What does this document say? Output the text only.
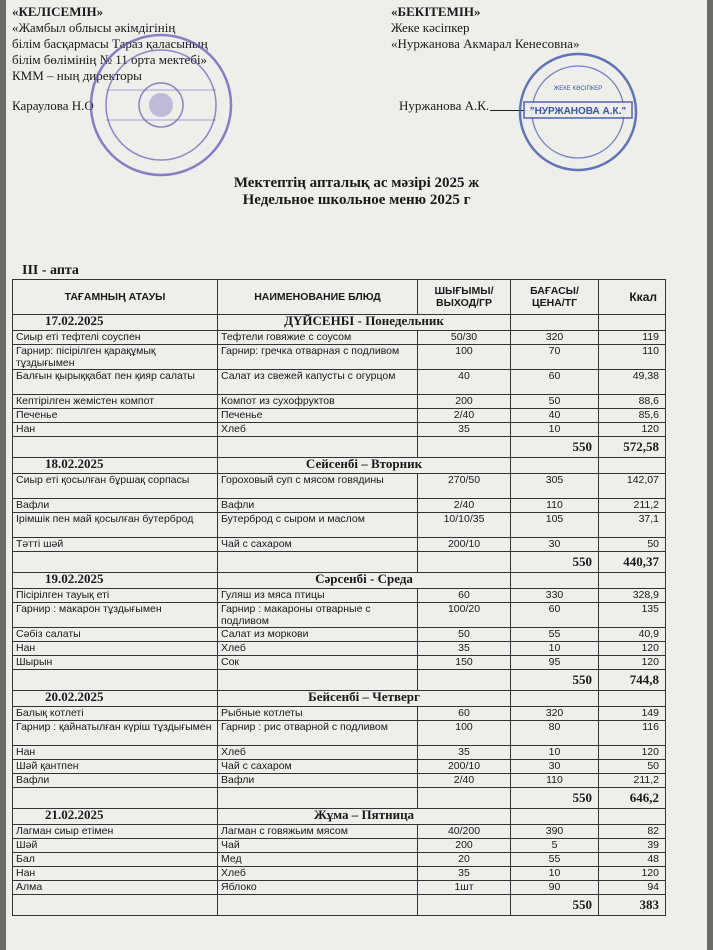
«КЕЛІСЕМІН»
«Жамбыл облысы әкімдігінің
білім басқармасы Тараз қаласының
білім бөлімінің № 11 орта мектебі»
КММ – ның директоры
Караулова Н.О
«БЕКІТЕМІН»
Жеке кәсіпкер
«Нуржанова Акмарал Кенесовна»
Нуржанова А.К.	"НУРЖАНОВА А.К."
ЖЕКЕ КӘСІПКЕР
Мектептің апталық ас мәзірі 2025 ж
Недельное школьное меню 2025 г
III - апта
ТАҒАМНЫҢ АТАУЫ	НАИМЕНОВАНИЕ БЛЮД	ШЫҒЫМЫ/ ВЫХОД/ГР	БАҒАСЫ/ ЦЕНА/ТГ	Ккал
17.02.2025	ДҮЙСЕНБІ - Понедельник			
Сиыр еті тефтелі соуспен	Тефтели говяжие с соусом	50/30	320	119
Гарнир: пісірілген қарақұмық тұздығымен	Гарнир: гречка отварная с подливом	100	70	110
Балғын қырыққабат пен қияр салаты	Салат из свежей капусты с огурцом	40	60	49,38
Кептірілген жемістен компот	Компот из сухофруктов	200	50	88,6
Печенье	Печенье	2/40	40	85,6
Нан	Хлеб	35	10	120
			550	572,58
18.02.2025	Сейсенбі – Вторник			
Сиыр еті қосылған бұршақ сорпасы	Гороховый суп с мясом говядины	270/50	305	142,07
Вафли	Вафли	2/40	110	211,2
Ірімшік пен май қосылған бутерброд	Бутерброд с сыром и маслом	10/10/35	105	37,1
Тәтті шәй	Чай с сахаром	200/10	30	50
			550	440,37
19.02.2025	Сәрсенбі - Среда			
Пісірілген тауық еті	Гуляш из мяса птицы	60	330	328,9
Гарнир : макарон тұздығымен	Гарнир : макароны отварные с подливом	100/20	60	135
Сәбіз салаты	Салат из моркови	50	55	40,9
Нан	Хлеб	35	10	120
Шырын	Сок	150	95	120
			550	744,8
20.02.2025	Бейсенбі – Четверг			
Балық котлеті	Рыбные котлеты	60	320	149
Гарнир : қайнатылған күріш тұздығымен	Гарнир : рис отварной с подливом	100	80	116
Нан	Хлеб	35	10	120
Шәй қантпен	Чай с сахаром	200/10	30	50
Вафли	Вафли	2/40	110	211,2
			550	646,2
21.02.2025	Жұма – Пятница			
Лагман сиыр етімен	Лагман с говяжьим мясом	40/200	390	82
Шәй	Чай	200	5	39
Бал	Мед	20	55	48
Нан	Хлеб	35	10	120
Алма	Яблоко	1шт	90	94
			550	383
